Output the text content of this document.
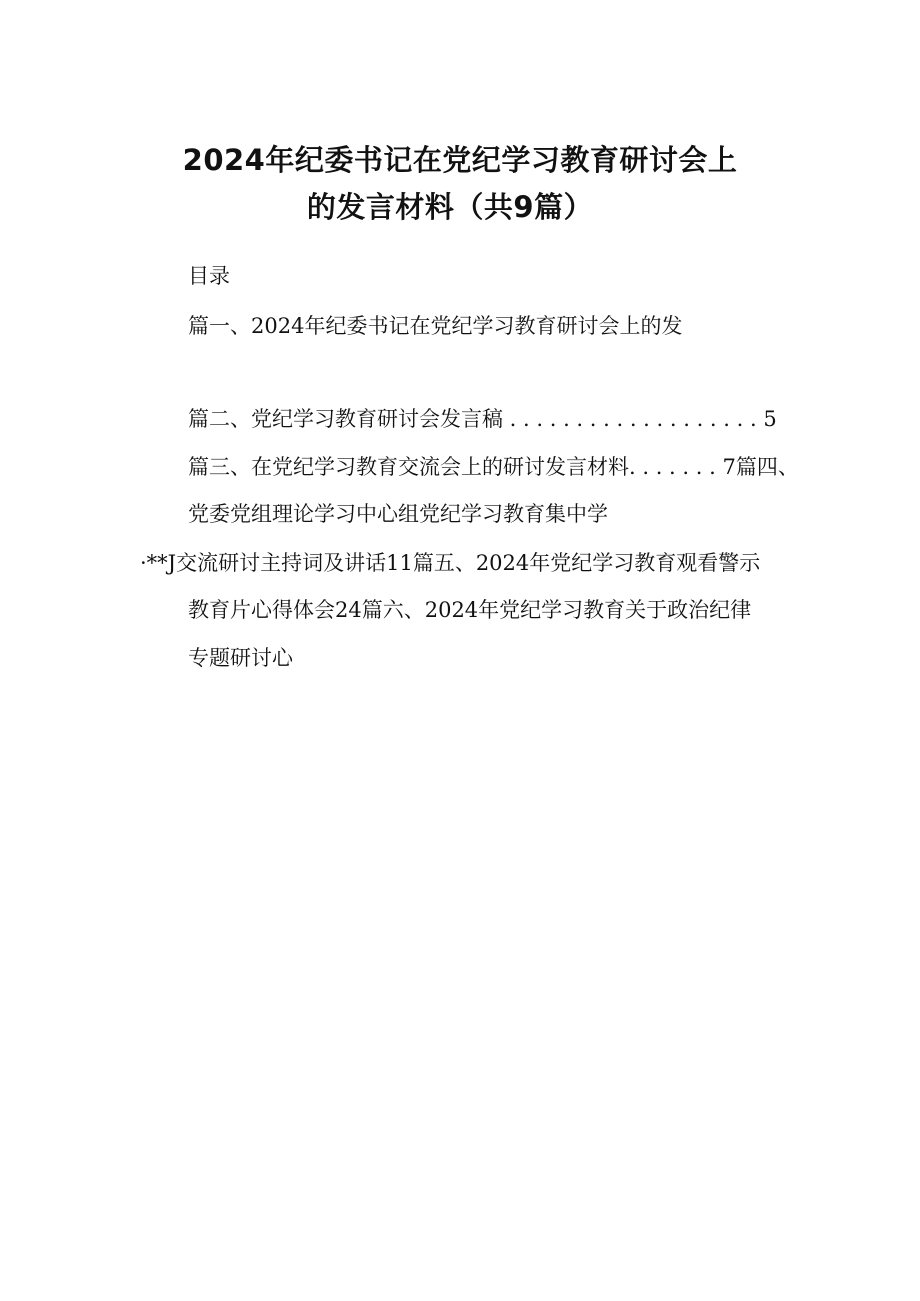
2024年纪委书记在党纪学习教育研讨会上
的发言材料（共9篇）
目录
篇一、2024年纪委书记在党纪学习教育研讨会上的发
篇二、党纪学习教育研讨会发言稿 . . . . . . . . . . . . . . . . . . . 5
篇三、在党纪学习教育交流会上的研讨发言材料. . . . . . . 7篇四、
党委党组理论学习中心组党纪学习教育集中学
·**J交流研讨主持词及讲话11篇五、2024年党纪学习教育观看警示
教育片心得体会24篇六、2024年党纪学习教育关于政治纪律
专题研讨心
